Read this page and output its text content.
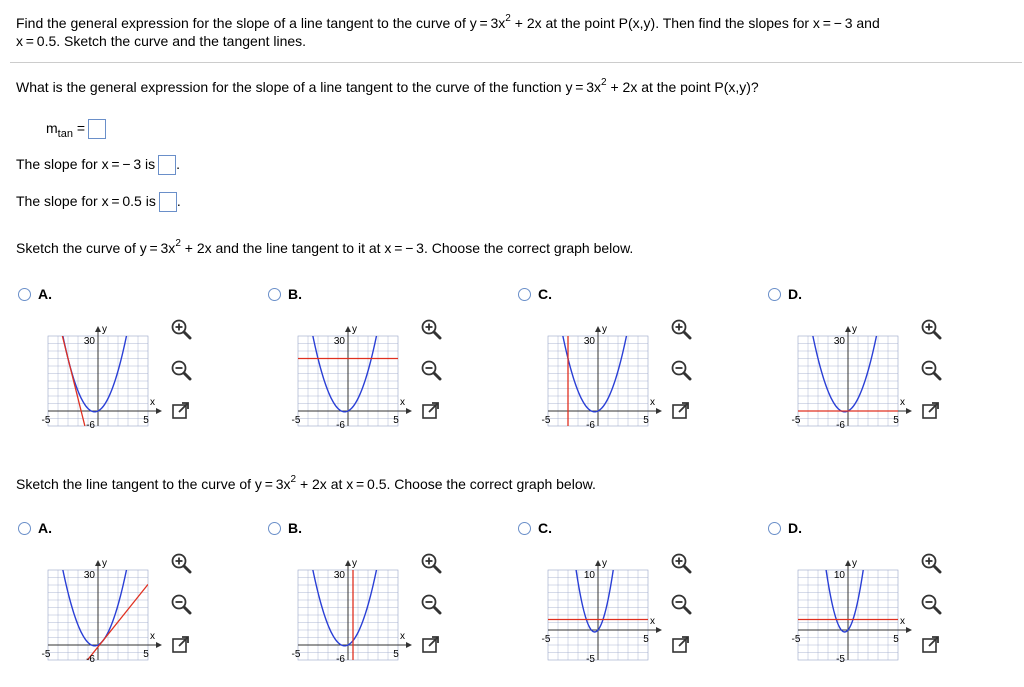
Find the general expression for the slope of a line tangent to the curve of $y = 3x^2 + 2x$ at the point P(x,y). Then find the slopes for x = − 3 and
x = 0.5. Sketch the curve and the tangent lines.
What is the general expression for the slope of a line tangent to the curve of the function $y = 3x^2 + 2x$ at the point P(x,y)?
$m_{tan}$ =
The slope for x = − 3 is .
The slope for x = 0.5 is .
Sketch the curve of $y = 3x^2 + 2x$ and the line tangent to it at x = − 3. Choose the correct graph below.
Sketch the line tangent to the curve of $y = 3x^2 + 2x$ at x = 0.5. Choose the correct graph below.
A.
y
x
30
-6
-5	5
B.
y
x
30
-6
-5	5
C.
y
x
30
-6
-5	5
D.
y
x
30
-6
-5	5
A.
y
x
30
-6
-5	5
B.
y
x
30
-6
-5	5
C.
y
x
10
-5
-5	5
D.
y
x
10
-5
-5	5
